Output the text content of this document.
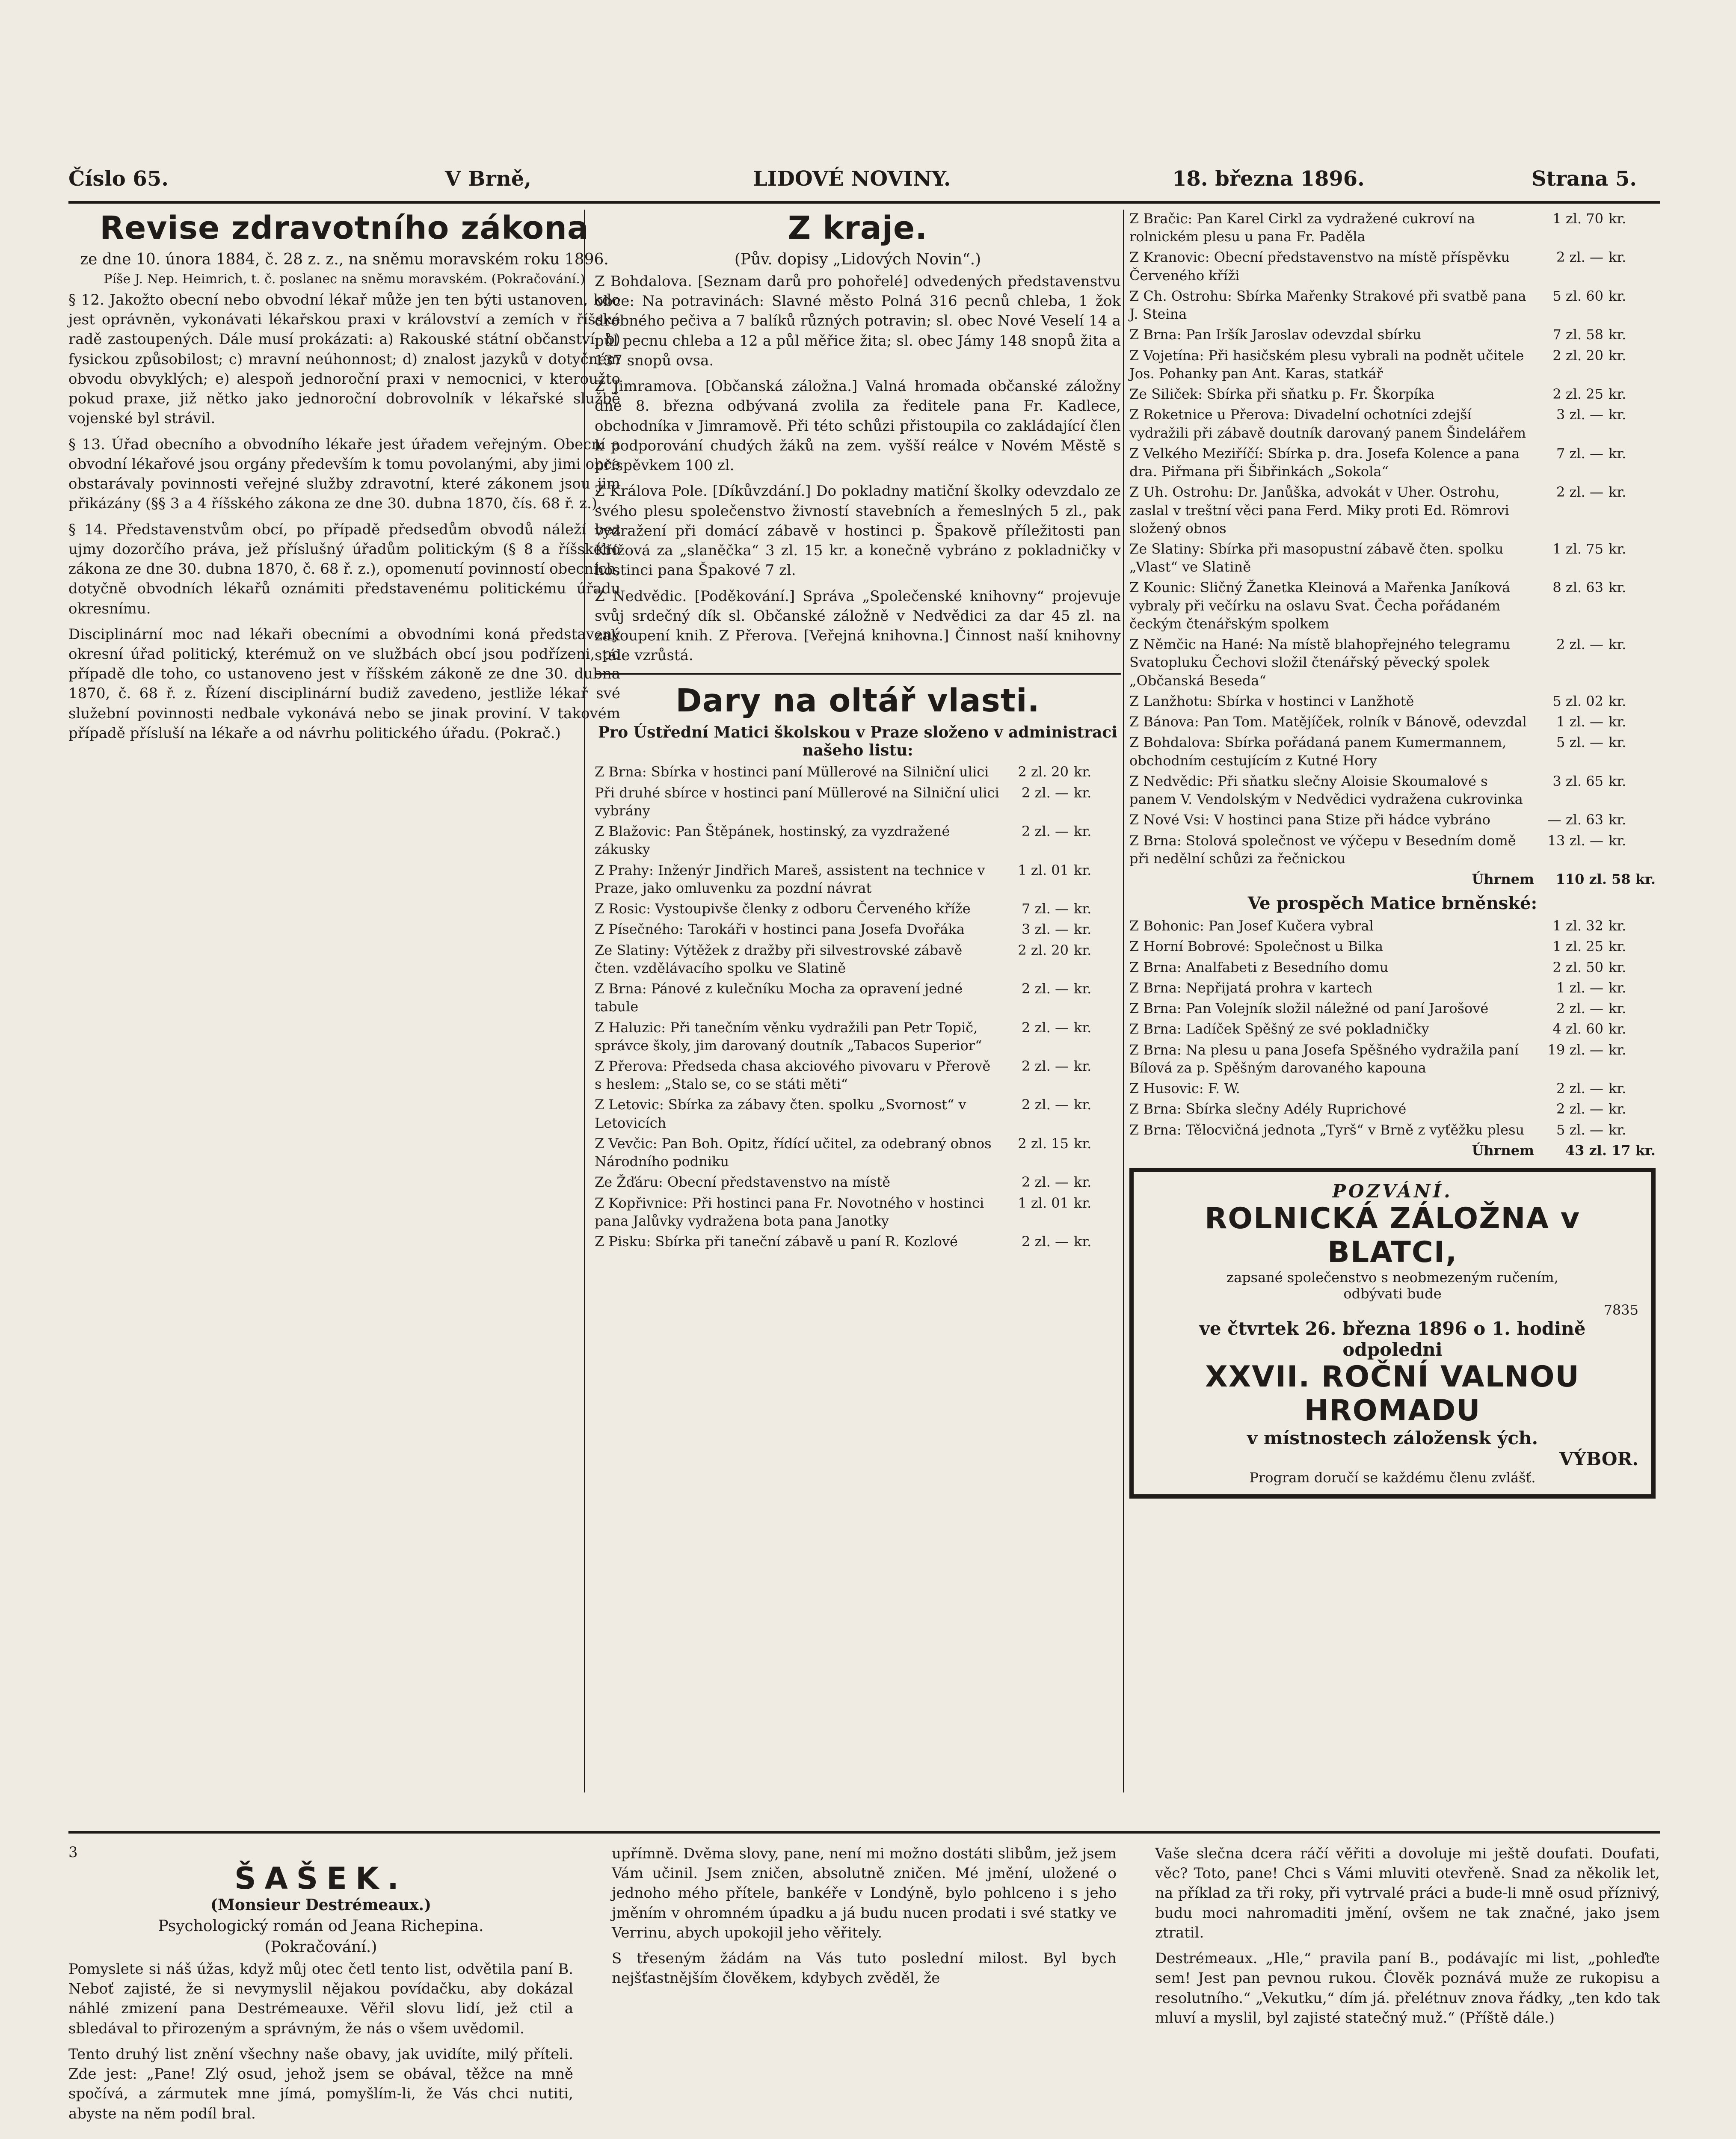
Číslo 65.	V Brně,	LIDOVÉ NOVINY.	18. března 1896.	Strana 5.
Revise zdravotního zákona
ze dne 10. února 1884, č. 28 z. z., na sněmu moravském roku 1896.
Píše J. Nep. Heimrich, t. č. poslanec na sněmu moravském. (Pokračování.)

§ 12. Jakožto obecní nebo obvodní lékař může jen ten býti ustanoven, kdo jest oprávněn, vykonávati lékařskou praxi v království a zemích v říšské radě zastoupených. Dále musí prokázati: a) Rakouské státní občanství; b) fysickou způsobilost; c) mravní neúhonnost; d) znalost jazyků v dotyčném obvodu obvyklých; e) alespoň jednoroční praxi v nemocnici, v kteroužto pokud praxe, již nětko jako jednoroční dobrovolník v lékařské službě vojenské byl strávil.

§ 13. Úřad obecního a obvodního lékaře jest úřadem veřejným. Obecní a obvodní lékařové jsou orgány především k tomu povolanými, aby jimi obce obstarávaly povinnosti veřejné služby zdravotní, které zákonem jsou jim přikázány (§§ 3 a 4 říšského zákona ze dne 30. dubna 1870, čís. 68 ř. z.).

§ 14. Představenstvům obcí, po případě předsedům obvodů náleží bez ujmy dozorčího práva, jež příslušný úřadům politickým (§ 8 a říšského zákona ze dne 30. dubna 1870, č. 68 ř. z.), opomenutí povinností obecních, dotyčně obvodních lékařů oznámiti představenému politickému úřadu okresnímu.

Disciplinární moc nad lékaři obecními a obvodními koná představený okresní úřad politický, kterémuž on ve službách obcí jsou podřízeni, po případě dle toho, co ustanoveno jest v říšském zákoně ze dne 30. dubna 1870, č. 68 ř. z. Řízení disciplinární budiž zavedeno, jestliže lékař své služební povinnosti nedbale vykonává nebo se jinak proviní. V takovém případě přísluší na lékaře a od návrhu politického úřadu. (Pokrač.)

Z kraje.
(Pův. dopisy „Lidových Novin“.)

Z Bohdalova. [Seznam darů pro pohořelé] odvedených představenstvu obce: Na potravinách: Slavné město Polná 316 pecnů chleba, 1 žok drobného pečiva a 7 balíků různých potravin; sl. obec Nové Veselí 14 a půl pecnu chleba a 12 a půl měřice žita; sl. obec Jámy 148 snopů žita a 137 snopů ovsa.

Z Jimramova. [Občanská záložna.] Valná hromada občanské záložny dne 8. března odbývaná zvolila za ředitele pana Fr. Kadlece, obchodníka v Jimramově. Při této schůzi přistoupila co zakládající člen k podporování chudých žáků na zem. vyšší reálce v Novém Městě s příspěvkem 100 zl.

Z Králova Pole. [Díkůvzdání.] Do pokladny matiční školky odevzdalo ze svého plesu společenstvo živností stavebních a řemeslných 5 zl., pak vydražení při domácí zábavě v hostinci p. Špakově příležitosti pan Křížová za „slaněčka“ 3 zl. 15 kr. a konečně vybráno z pokladničky v hostinci pana Špakové 7 zl.

Z Nedvědic. [Poděkování.] Správa „Společenské knihovny“ projevuje svůj srdečný dík sl. Občanské záložně v Nedvědici za dar 45 zl. na zakoupení knih. Z Přerova. [Veřejná knihovna.] Činnost naší knihovny stále vzrůstá.

Dary na oltář vlasti.
Pro Ústřední Matici školskou v Praze složeno v administraci našeho listu:
Z Brna: Sbírka v hostinci paní Müllerové na Silniční ulici	2 zl. 20 kr.
Při druhé sbírce v hostinci paní Müllerové na Silniční ulici vybrány
2 zl. — kr.
Z Blažovic: Pan Štěpánek, hostinský, za vyzdražené zákusky
2 zl. — kr.
Z Prahy: Inženýr Jindřich Mareš, assistent na technice v Praze, jako omluvenku za pozdní návrat
1 zl. 01 kr.
Z Rosic: Vystoupivše členky z odboru Červeného kříže	7 zl. — kr.
Z Písečného: Tarokáři v hostinci pana Josefa Dvořáka	3 zl. — kr.
Ze Slatiny: Výtěžek z dražby při silvestrovské zábavě čten. vzdělávacího spolku ve Slatině
2 zl. 20 kr.
Z Brna: Pánové z kulečníku Mocha za opravení jedné tabule
2 zl. — kr.
Z Haluzic: Při tanečním věnku vydražili pan Petr Topič, správce školy, jim darovaný doutník „Tabacos Superior“
2 zl. — kr.
Z Přerova: Předseda chasa akciového pivovaru v Přerově s heslem: „Stalo se, co se státi měti“
2 zl. — kr.
Z Letovic: Sbírka za zábavy čten. spolku „Svornost“ v Letovicích
2 zl. — kr.
Z Vevčic: Pan Boh. Opitz, řídící učitel, za odebraný obnos Národního podniku
2 zl. 15 kr.
Ze Žďáru: Obecní představenstvo na místě	2 zl. — kr.
Z Kopřivnice: Při hostinci pana Fr. Novotného v hostinci pana Jalůvky vydražena bota pana Janotky
1 zl. 01 kr.
Z Pisku: Sbírka při taneční zábavě u paní R. Kozlové	2 zl. — kr.
Z Bračic: Pan Karel Cirkl za vydražené cukroví na rolnickém plesu u pana Fr. Paděla
1 zl. 70 kr.
Z Kranovic: Obecní představenstvo na místě příspěvku Červeného kříži
2 zl. — kr.
Z Ch. Ostrohu: Sbírka Mařenky Strakové při svatbě pana J. Steina
5 zl. 60 kr.
Z Brna: Pan Iršík Jaroslav odevzdal sbírku	7 zl. 58 kr.
Z Vojetína: Při hasičském plesu vybrali na podnět učitele Jos. Pohanky pan Ant. Karas, statkář
2 zl. 20 kr.
Ze Siliček: Sbírka při sňatku p. Fr. Škorpíka	2 zl. 25 kr.
Z Roketnice u Přerova: Divadelní ochotníci zdejší vydražili při zábavě doutník darovaný panem Šindelářem
3 zl. — kr.
Z Velkého Meziříčí: Sbírka p. dra. Josefa Kolence a pana dra. Piřmana při Šibřinkách „Sokola“
7 zl. — kr.
Z Uh. Ostrohu: Dr. Janůška, advokát v Uher. Ostrohu, zaslal v treštní věci pana Ferd. Miky proti Ed. Römrovi složený obnos
2 zl. — kr.
Ze Slatiny: Sbírka při masopustní zábavě čten. spolku „Vlast“ ve Slatině
1 zl. 75 kr.
Z Kounic: Sličný Žanetka Kleinová a Mařenka Janíková vybraly při večírku na oslavu Svat. Čecha pořádaném čeckým čtenářským spolkem
8 zl. 63 kr.
Z Němčic na Hané: Na místě blahopřejného telegramu Svatopluku Čechovi složil čtenářský pěvecký spolek „Občanská Beseda“
2 zl. — kr.
Z Lanžhotu: Sbírka v hostinci v Lanžhotě	5 zl. 02 kr.
Z Bánova: Pan Tom. Matějíček, rolník v Bánově, odevzdal	1 zl. — kr.
Z Bohdalova: Sbírka pořádaná panem Kumermannem, obchodním cestujícím z Kutné Hory
5 zl. — kr.
Z Nedvědic: Při sňatku slečny Aloisie Skoumalové s panem V. Vendolským v Nedvědici vydražena cukrovinka
3 zl. 65 kr.
Z Nové Vsi: V hostinci pana Stize při hádce vybráno	— zl. 63 kr.
Z Brna: Stolová společnost ve výčepu v Besedním domě při nedělní schůzi za řečnickou
13 zl. — kr.
Úhrnem	110 zl. 58 kr.
Ve prospěch Matice brněnské:
Z Bohonic: Pan Josef Kučera vybral	1 zl. 32 kr.
Z Horní Bobrové: Společnost u Bilka	1 zl. 25 kr.
Z Brna: Analfabeti z Besedního domu	2 zl. 50 kr.
Z Brna: Nepřijatá prohra v kartech	1 zl. — kr.
Z Brna: Pan Volejník složil náležné od paní Jarošové	2 zl. — kr.
Z Brna: Ladíček Spěšný ze své pokladničky	4 zl. 60 kr.
Z Brna: Na plesu u pana Josefa Spěšného vydražila paní Bílová za p. Spěšným darovaného kapouna
19 zl. — kr.
Z Husovic: F. W.	2 zl. — kr.
Z Brna: Sbírka slečny Adély Ruprichové	2 zl. — kr.
Z Brna: Tělocvičná jednota „Tyrš“ v Brně z vyťěžku plesu	5 zl. — kr.
Úhrnem	43 zl. 17 kr.
POZVÁNÍ.
ROLNICKÁ ZÁLOŽNA v BLATCI,
zapsané společenstvo s neobmezeným ručením,
odbývati bude
7835
ve čtvrtek 26. března 1896 o 1. hodině odpoledni
XXVII. ROČNÍ VALNOU HROMADU
v místnostech záložensk ých.
VÝBOR.
Program doručí se každému členu zvlášť.
3
ŠAŠEK.
(Monsieur Destrémeaux.)
Psychologický román od Jeana Richepina.
(Pokračování.)

Pomyslete si náš úžas, když můj otec četl tento list, odvětila paní B. Neboť zajisté, že si nevymyslil nějakou povídačku, aby dokázal náhlé zmizení pana Destrémeauxe. Věřil slovu lidí, jež ctil a sbledával to přirozeným a správným, že nás o všem uvědomil.

Tento druhý list znění všechny naše obavy, jak uvidíte, milý příteli. Zde jest: „Pane! Zlý osud, jehož jsem se obával, těžce na mně spočívá, a zármutek mne jímá, pomyšlím-li, že Vás chci nutiti, abyste na něm podíl bral.

upřímně. Dvěma slovy, pane, není mi možno dostáti slibům, jež jsem Vám učinil. Jsem zničen, absolutně zničen. Mé jmění, uložené o jednoho mého přítele, bankéře v Londýně, bylo pohlceno i s jeho jměním v ohromném úpadku a já budu nucen prodati i své statky ve Verrinu, abych upokojil jeho věřitely.

S třeseným žádám na Vás tuto poslední milost. Byl bych nejšťastnějším člověkem, kdybych zvěděl, že

Vaše slečna dcera ráčí věřiti a dovoluje mi ještě doufati. Doufati, věc? Toto, pane! Chci s Vámi mluviti otevřeně. Snad za několik let, na příklad za tři roky, při vytrvalé práci a bude-li mně osud příznivý, budu moci nahromaditi jmění, ovšem ne tak značné, jako jsem ztratil.

Destrémeaux. „Hle,“ pravila paní B., podávajíc mi list, „pohleďte sem! Jest pan pevnou rukou. Člověk poznává muže ze rukopisu a resolutního.“ „Vekutku,“ dím já. přelétnuv znova řádky, „ten kdo tak mluví a myslil, byl zajisté statečný muž.“ (Příště dále.)
